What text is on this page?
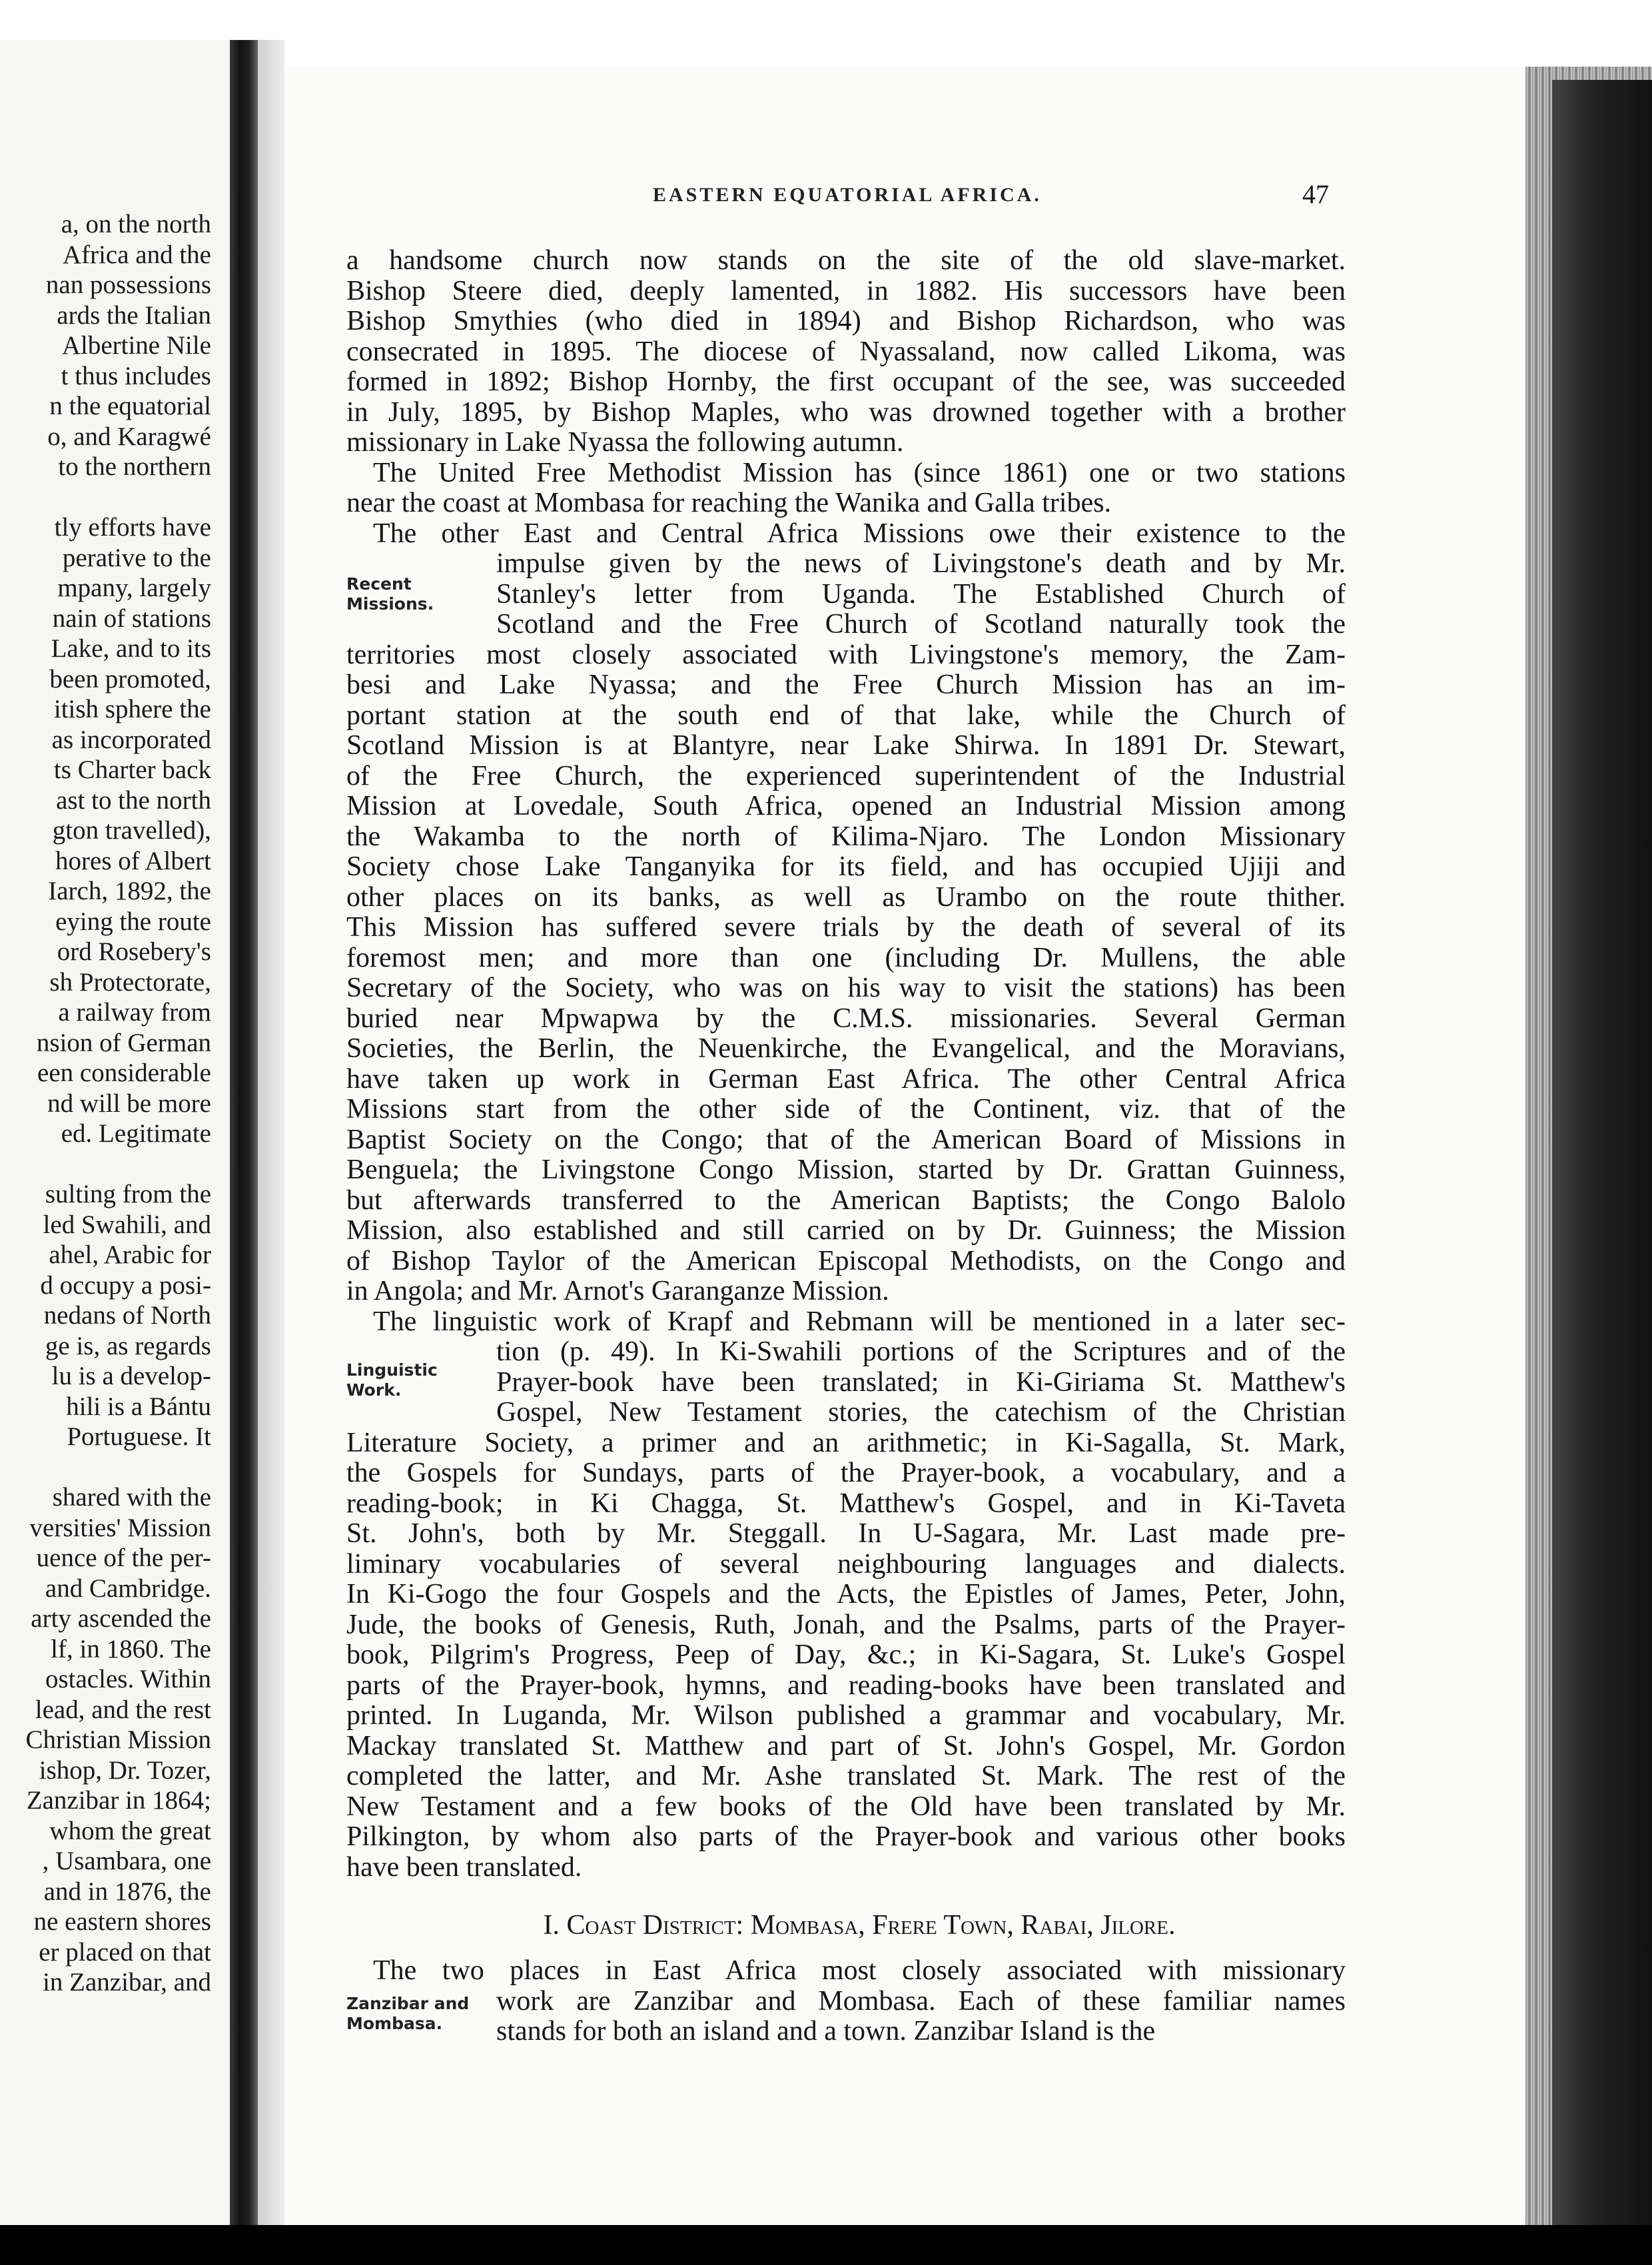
a, on the north
Africa and the
nan possessions
ards the Italian
Albertine Nile
t thus includes
n the equatorial
o, and Karagwé
to the northern
tly efforts have
perative to the
mpany, largely
nain of stations
Lake, and to its
been promoted,
itish sphere the
as incorporated
ts Charter back
ast to the north
gton travelled),
hores of Albert
Iarch, 1892, the
eying the route
ord Rosebery's
sh Protectorate,
a railway from
nsion of German
een considerable
nd will be more
ed. Legitimate
sulting from the
led Swahili, and
ahel, Arabic for
d occupy a posi-
nedans of North
ge is, as regards
lu is a develop-
hili is a Bántu
Portuguese. It
shared with the
versities' Mission
uence of the per-
and Cambridge.
arty ascended the
lf, in 1860. The
ostacles. Within
lead, and the rest
Christian Mission
ishop, Dr. Tozer,
Zanzibar in 1864;
whom the great
, Usambara, one
and in 1876, the
ne eastern shores
er placed on that
in Zanzibar, and
EASTERN EQUATORIAL AFRICA.	47
a handsome church now stands on the site of the old slave-market.
Bishop Steere died, deeply lamented, in 1882. His successors have been
Bishop Smythies (who died in 1894) and Bishop Richardson, who was
consecrated in 1895. The diocese of Nyassaland, now called Likoma, was
formed in 1892; Bishop Hornby, the first occupant of the see, was succeeded
in July, 1895, by Bishop Maples, who was drowned together with a brother
missionary in Lake Nyassa the following autumn.
The United Free Methodist Mission has (since 1861) one or two stations
near the coast at Mombasa for reaching the Wanika and Galla tribes.
The other East and Central Africa Missions owe their existence to the
impulse given by the news of Livingstone's death and by Mr.
Stanley's letter from Uganda. The Established Church of
Scotland and the Free Church of Scotland naturally took the
territories most closely associated with Livingstone's memory, the Zam-
besi and Lake Nyassa; and the Free Church Mission has an im-
portant station at the south end of that lake, while the Church of
Scotland Mission is at Blantyre, near Lake Shirwa. In 1891 Dr. Stewart,
of the Free Church, the experienced superintendent of the Industrial
Mission at Lovedale, South Africa, opened an Industrial Mission among
the Wakamba to the north of Kilima-Njaro. The London Missionary
Society chose Lake Tanganyika for its field, and has occupied Ujiji and
other places on its banks, as well as Urambo on the route thither.
This Mission has suffered severe trials by the death of several of its
foremost men; and more than one (including Dr. Mullens, the able
Secretary of the Society, who was on his way to visit the stations) has been
buried near Mpwapwa by the C.M.S. missionaries. Several German
Societies, the Berlin, the Neuenkirche, the Evangelical, and the Moravians,
have taken up work in German East Africa. The other Central Africa
Missions start from the other side of the Continent, viz. that of the
Baptist Society on the Congo; that of the American Board of Missions in
Benguela; the Livingstone Congo Mission, started by Dr. Grattan Guinness,
but afterwards transferred to the American Baptists; the Congo Balolo
Mission, also established and still carried on by Dr. Guinness; the Mission
of Bishop Taylor of the American Episcopal Methodists, on the Congo and
in Angola; and Mr. Arnot's Garanganze Mission.
The linguistic work of Krapf and Rebmann will be mentioned in a later sec-
tion (p. 49). In Ki-Swahili portions of the Scriptures and of the
Prayer-book have been translated; in Ki-Giriama St. Matthew's
Gospel, New Testament stories, the catechism of the Christian
Literature Society, a primer and an arithmetic; in Ki-Sagalla, St. Mark,
the Gospels for Sundays, parts of the Prayer-book, a vocabulary, and a
reading-book; in Ki Chagga, St. Matthew's Gospel, and in Ki-Taveta
St. John's, both by Mr. Steggall. In U-Sagara, Mr. Last made pre-
liminary vocabularies of several neighbouring languages and dialects.
In Ki-Gogo the four Gospels and the Acts, the Epistles of James, Peter, John,
Jude, the books of Genesis, Ruth, Jonah, and the Psalms, parts of the Prayer-
book, Pilgrim's Progress, Peep of Day, &c.; in Ki-Sagara, St. Luke's Gospel
parts of the Prayer-book, hymns, and reading-books have been translated and
printed. In Luganda, Mr. Wilson published a grammar and vocabulary, Mr.
Mackay translated St. Matthew and part of St. John's Gospel, Mr. Gordon
completed the latter, and Mr. Ashe translated St. Mark. The rest of the
New Testament and a few books of the Old have been translated by Mr.
Pilkington, by whom also parts of the Prayer-book and various other books
have been translated.
The two places in East Africa most closely associated with missionary
work are Zanzibar and Mombasa. Each of these familiar names
stands for both an island and a town. Zanzibar Island is the
I. Coast District: Mombasa, Frere Town, Rabai, Jilore.
Recent
Missions.
Linguistic
Work.
Zanzibar and
Mombasa.
